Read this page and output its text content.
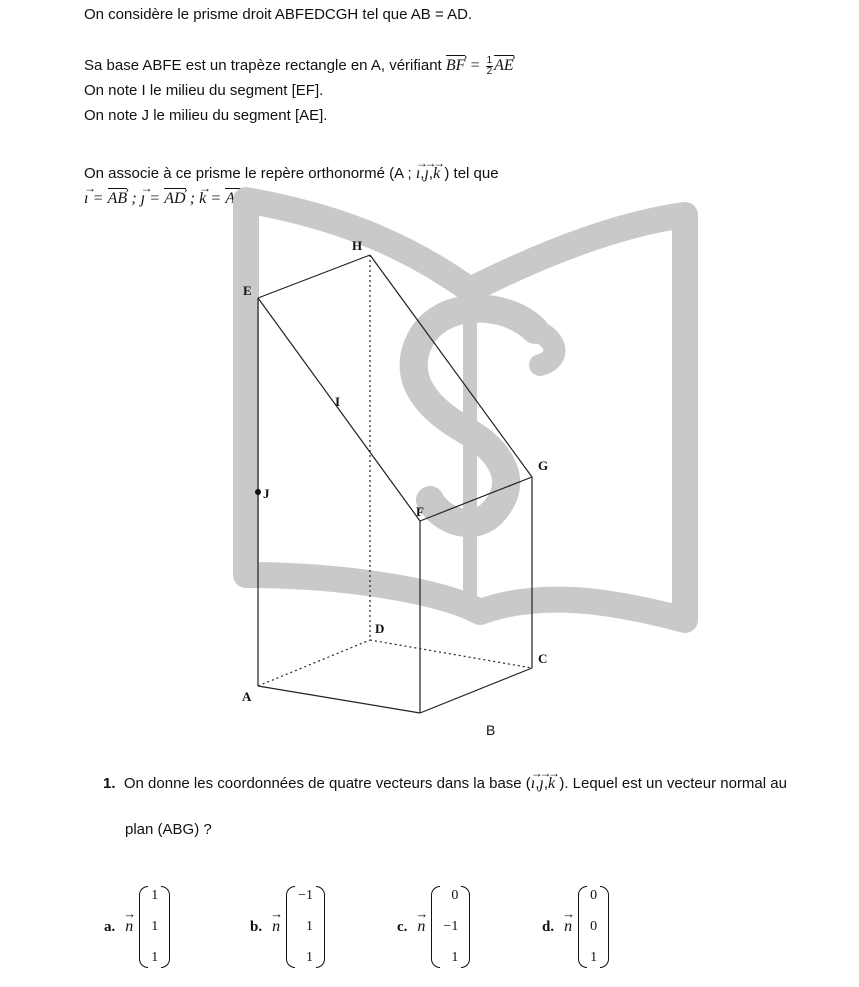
On considère le prisme droit ABFEDCGH tel que AB = AD.
Sa base ABFE est un trapèze rectangle en A, vérifiant › BF = $\frac{1}{2}$ › AE
On note I le milieu du segment [EF].
On note J le milieu du segment [AE].
On associe à ce prisme le repère orthonormé (A ; ı →,ȷ →,k → ) tel que
ı → = › AB ; ȷ → = › AD ; k → = › AJ
H
E
I
G
J
F
D
C
A
B
1. On donne les coordonnées de quatre vecteurs dans la base (ı →,ȷ →,k → ). Lequel est un vecteur normal au
plan (ABG) ?
a. n →
1
1
1
b. n →
−1
1
1
c. n →
0
−1
1
d. n →
0
0
1
